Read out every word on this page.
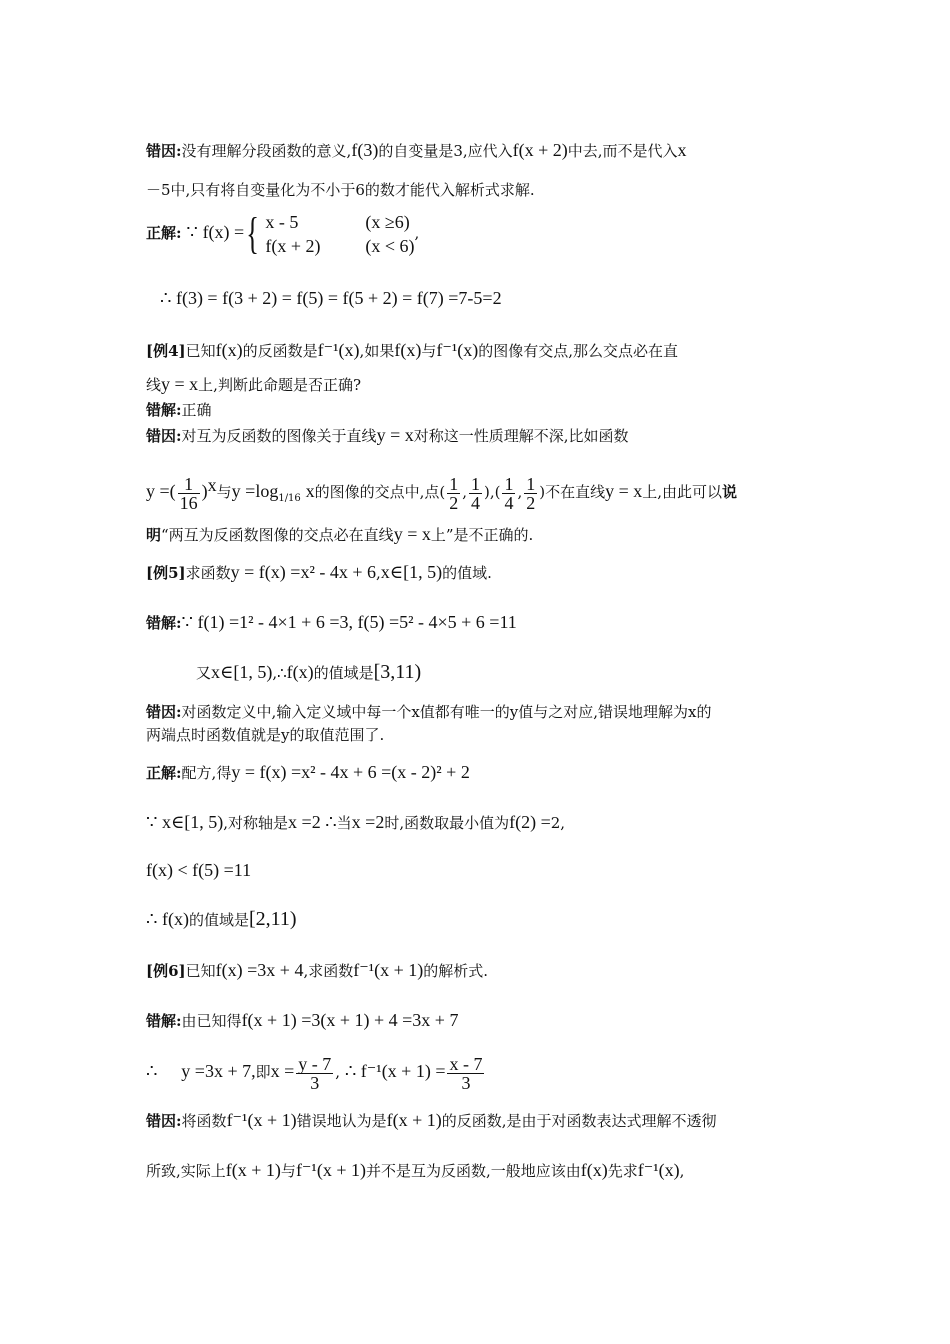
错因:没有理解分段函数的意义,f(3)的自变量是3,应代入f(x + 2)中去,而不是代入x
－5中,只有将自变量化为不小于6的数才能代入解析式求解.
正解: ∵ f(x) ={ x - 5	(x ≥6)
f(x + 2) (x < 6)
,
∴ f(3) = f(3 + 2) = f(5) = f(5 + 2) = f(7) =7-5=2
[例4]已知f(x)的反函数是f⁻¹(x),如果f(x)与f⁻¹(x)的图像有交点,那么交点必在直
线y = x上,判断此命题是否正确?
错解:正确
错因:对互为反函数的图像关于直线y = x对称这一性质理解不深,比如函数
y =( $\frac{1}{16} )^x$与$y =\log_{1/16}$ x的图像的交点中,点( $\frac{1}{2}$ , $\frac{1}{4}$ ),( $\frac{1}{4}$ , $\frac{1}{2}$ )不在直线y = x上,由此可以说
明“两互为反函数图像的交点必在直线y = x上”是不正确的.
[例5]求函数y = f(x) =x² - 4x + 6,x∈[1, 5)的值域.
错解:∵ f(1) =1² - 4×1 + 6 =3, f(5) =5² - 4×5 + 6 =11
又x∈[1, 5),∴f(x)的值域是[3,11)
错因:对函数定义中,输入定义域中每一个x值都有唯一的y值与之对应,错误地理解为x的
两端点时函数值就是y的取值范围了.
正解:配方,得y = f(x) =x² - 4x + 6 =(x - 2)² + 2
∵ x∈[1, 5),对称轴是x =2 ∴当x =2时,函数取最小值为f(2) =2,
f(x) < f(5) =11
∴ f(x)的值域是[2,11)
[例6]已知f(x) =3x + 4,求函数f⁻¹(x + 1)的解析式.
错解:由已知得f(x + 1) =3(x + 1) + 4 =3x + 7
∴ y =3x + 7,即$x = \frac{y - 7}{3}$ , ∴ $f^{-1}(x + 1) = \frac{x - 7}{3}$
错因:将函数f⁻¹(x + 1)错误地认为是f(x + 1)的反函数,是由于对函数表达式理解不透彻
所致,实际上f(x + 1)与f⁻¹(x + 1)并不是互为反函数,一般地应该由f(x)先求f⁻¹(x),
